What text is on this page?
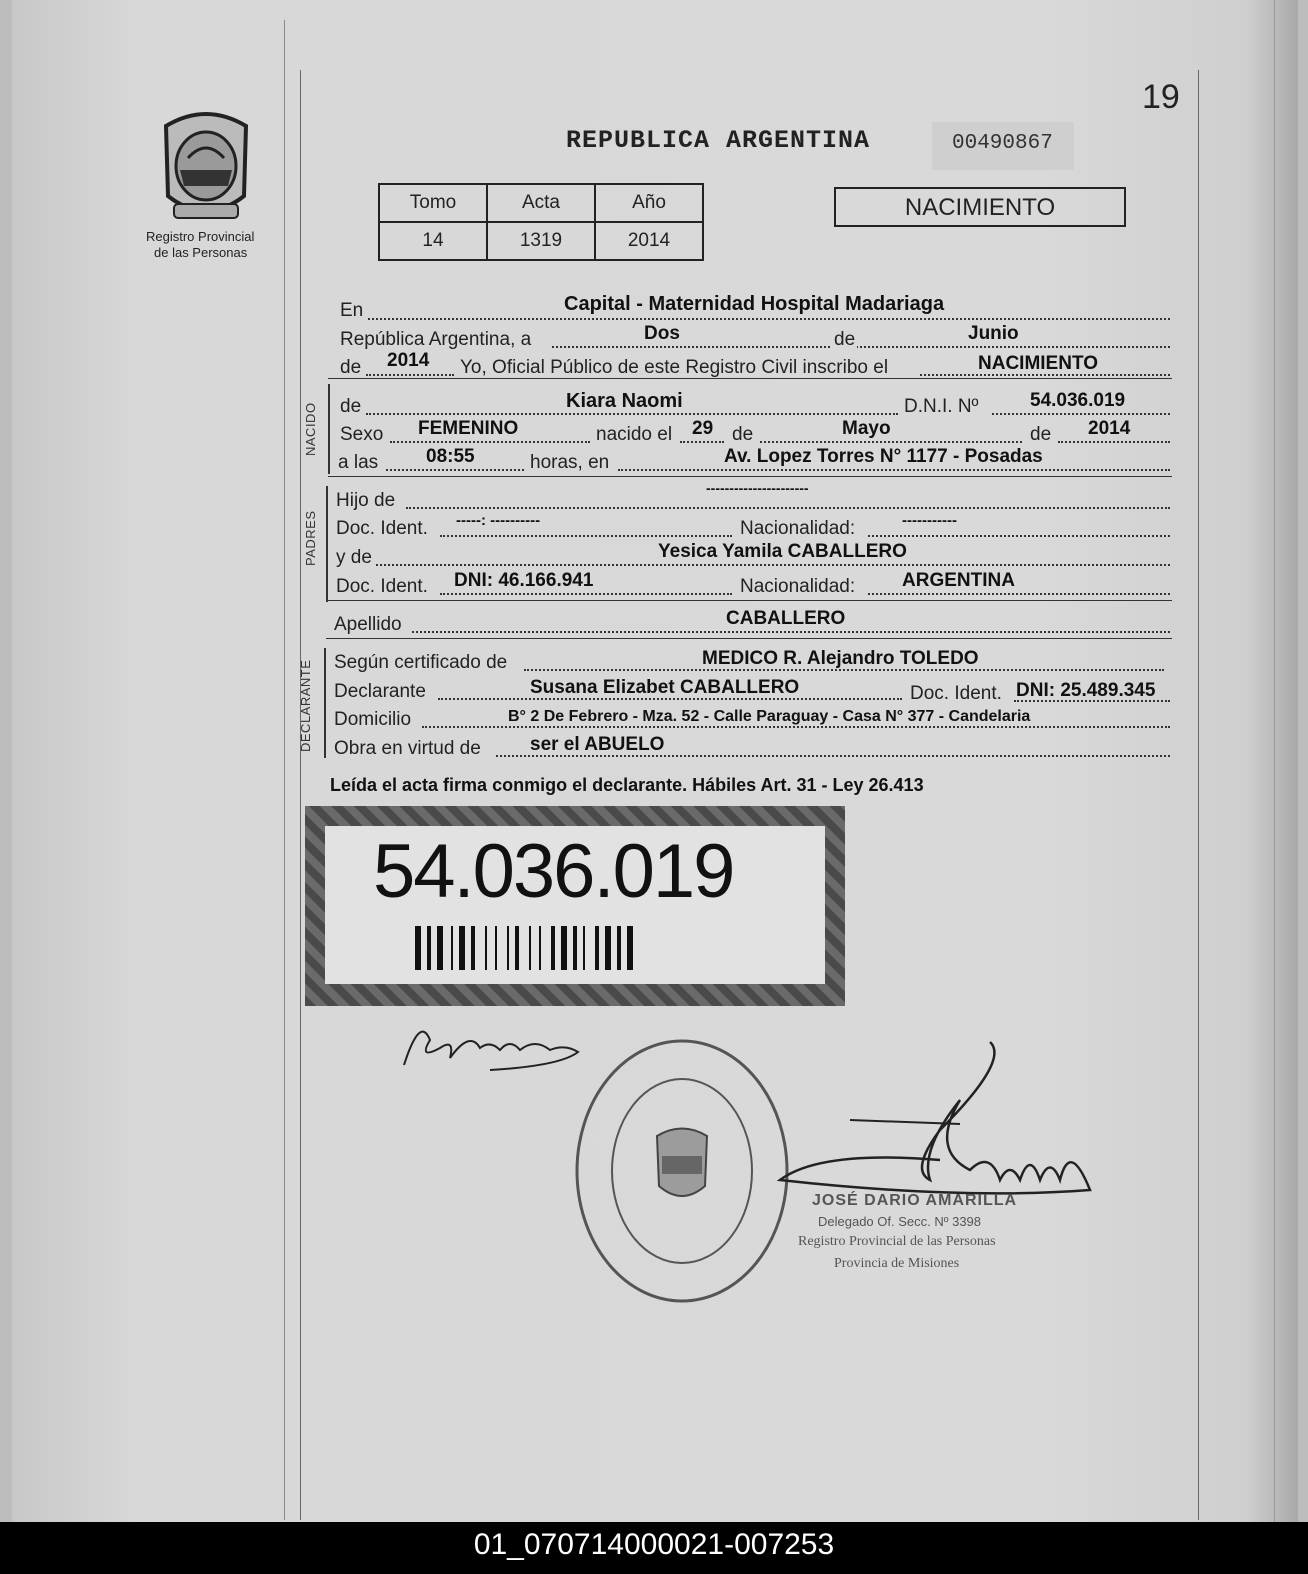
19
Registro Provincial
de las Personas
REPUBLICA ARGENTINA	00490867
Tomo	Acta	Año
14	1319	2014
NACIMIENTO
En	Capital - Maternidad Hospital Madariaga
República Argentina, a	Dos	de	Junio
de 2014 Yo, Oficial Público de este Registro Civil inscribo el	NACIMIENTO
NACIDO de	Kiara Naomi	D.N.I. Nº	54.036.019
Sexo FEMENINO	nacido el 29 de	Mayo	de 2014
a las	08:55	horas, en	Av. Lopez Torres N° 1177 - Posadas
PADRES
Hijo de
----------------------
Doc. Ident. -----: ----------	Nacionalidad:	-----------
y de	Yesica Yamila CABALLERO
Doc. Ident. DNI: 46.166.941	Nacionalidad: ARGENTINA
Apellido	CABALLERO
DECLARANTE Según certificado de	MEDICO R. Alejandro TOLEDO
Declarante	Susana Elizabet CABALLERO	Doc. Ident. DNI: 25.489.345
Domicilio	B° 2 De Febrero - Mza. 52 - Calle Paraguay - Casa N° 377 - Candelaria
Obra en virtud de	ser el ABUELO
Leída el acta firma conmigo el declarante. Hábiles Art. 31 - Ley 26.413
54.036.019
JOSÉ DARIO AMARILLA
Delegado Of. Secc. Nº 3398
Registro Provincial de las Personas
Provincia de Misiones
01_070714000021-007253
